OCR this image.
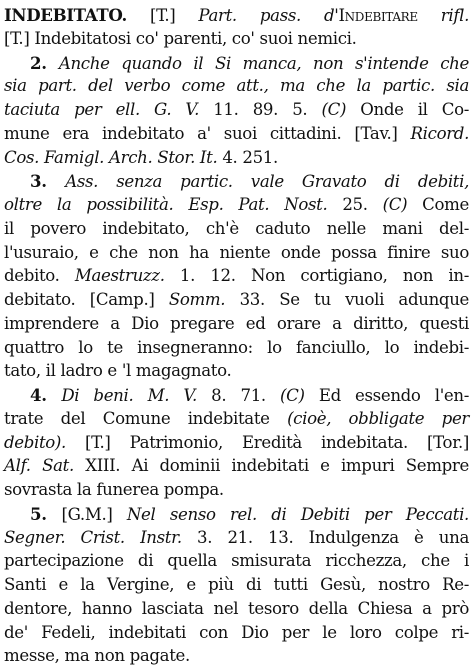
INDEBITATO. [T.] Part. pass. d'Indebitare rifl.
[T.] Indebitatosi co' parenti, co' suoi nemici.
2. Anche quando il Si manca, non s'intende che
sia part. del verbo come att., ma che la partic. sia
taciuta per ell. G. V. 11. 89. 5. (C) Onde il Co-
mune era indebitato a' suoi cittadini. [Tav.] Ricord.
Cos. Famigl. Arch. Stor. It. 4. 251.
3. Ass. senza partic. vale Gravato di debiti,
oltre la possibilità. Esp. Pat. Nost. 25. (C) Come
il povero indebitato, ch'è caduto nelle mani del-
l'usuraio, e che non ha niente onde possa finire suo
debito. Maestruzz. 1. 12. Non cortigiano, non in-
debitato. [Camp.] Somm. 33. Se tu vuoli adunque
imprendere a Dio pregare ed orare a diritto, questi
quattro lo te insegneranno: lo fanciullo, lo indebi-
tato, il ladro e 'l magagnato.
4. Di beni. M. V. 8. 71. (C) Ed essendo l'en-
trate del Comune indebitate (cioè, obbligate per
debito). [T.] Patrimonio, Eredità indebitata. [Tor.]
Alf. Sat. XIII. Ai dominii indebitati e impuri Sempre
sovrasta la funerea pompa.
5. [G.M.] Nel senso rel. di Debiti per Peccati.
Segner. Crist. Instr. 3. 21. 13. Indulgenza è una
partecipazione di quella smisurata ricchezza, che i
Santi e la Vergine, e più di tutti Gesù, nostro Re-
dentore, hanno lasciata nel tesoro della Chiesa a prò
de' Fedeli, indebitati con Dio per le loro colpe ri-
messe, ma non pagate.
